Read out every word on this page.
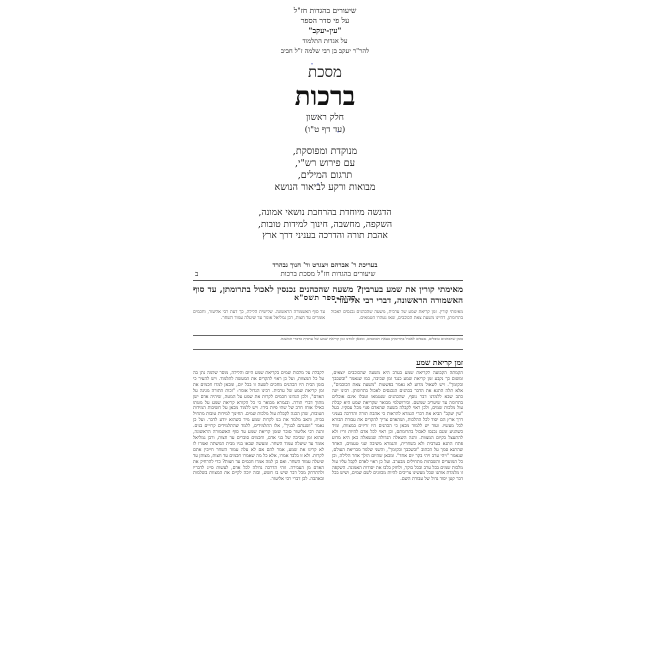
שיעורים בהגדות חז"ל
על פי סדר הספר
"עין-יעקב"
על אגדות התלמוד
להר"ר יעקב בן רבי שלמה ז"ל חביב
מסכת
ברכות
חלק ראשון
(עד דף ט"ו)
מנוקדת ומפוסקת,
עם פירוש רש"י,
תרגום המילים,
מבואות ורקע לביאור הנושא
הדגשה מיוחדת בהרחבת נושאי אמונה,
השקפה, מחשבה, חינוך למידות טובות,
אהבת תורה והדרכה בעניני דרך ארץ
בעריכת ר' אברהם ויצגרט ור' חנוך גבהרד
קרית-ספר תשס"א
שיעורים בהגדות חז"ל מסכת ברכות
ב
מאימתי קורין את שמע בערבין? משעה שהכהנים נכנסין לאכול בתרומתן, עד סוף האשמורה הראשונה, דברי רבי אליעזר.
מאימתי קורין. זמן קריאת שמע של ערבית, משעה שהכהנים נכנסים לאכול בתרומתן, דהיינו משעת צאת הכוכבים, שאז נטהרו הטמאים.
עד סוף האשמורה הראשונה. שלישית הלילה, כך דעת רבי אליעזר, וחכמים אומרים עד חצות, רבן גמליאל אומר עד שיעלה עמוד השחר.
בזמן שהכהנים טובלים, נכנסים לאכול בתרומתן בצאת הכוכבים, ומכאן למדנו זמן קריאת שמע של ערבית כדברי המשנה.
זמן קריאת שמע
הקמתה הקבועה לקריאת שמע בערב היא משעה שהכוכבים יוצאים, ומשום כך נקבע זמן קריאת שמע כנגד זמן שכיבה, כמו שנאמר "ובשכבך ובקומך". ויש לשאול מדוע לא נאמר בפשטות "משעת צאת הכוכבים", אלא תלה התנא את הדבר בכהנים הנכנסים לאכול בתרומתן. רבינו יונה כתב שבא ללמדנו דבר נוסף, שהכהנים שנטמאו וטבלו אינם אוכלים בתרומה עד שיעריב שמשם. ובירושלמי מבואר שקריאת שמע היא קבלת עול מלכות שמים, ולכן ראוי לקבלה בשעה שהאדם פנוי מכל עסקיו. בעל "עין יעקב" הביא את דברי הגמרא להראות כי אהבת תורה והדרכה בעניני דרך ארץ הם יסוד לכל ההלכות, ושהאדם צריך להקדים את עבודת הבורא לכל מעשיו. ועוד יש ללמוד מכאן כי הכהנים היו זריזים במצוות, ומיד כשהגיע זמנם נכנסו לאכול בתרומתם, וכן ראוי לכל אדם להיות זריז ולא להתעצל בקיום המצוות. והנה השאלה הגדולה שנשאלה כאן היא מדוע פתח התנא בערבית ולא בשחרית, והגמרא משיבה שני טעמים, האחד שהתנא סמך על הכתוב "ובשכבך ובקומך", והשני שלמד מבריאת העולם, שנאמר "ויהי ערב ויהי בקר יום אחד". ומכאן שהיום הולך אחר הלילה, וכן כל המועדים והשבתות מתחילים מבערב. ועל כן ראוי לאדם לקבל עליו עול מלכות שמים בכל ערב ובכל בוקר, ולחזק בלבו את יסודות האמונה. השקפה זו מלמדת אותנו שכל מעשינו צריכים להיות מכוונים לשם שמים, ושיש בכל דבר קטן יסוד גדול של עבודת השם.
לקבלת על מלכות שמים בקריאת שמע היום והלילה, מוסר שלמה נתן בה על כל המצוות, ועל כן ראוי להקדים את המעשה לתלמוד. ויש להעיר כי בזמן הבית היו הכהנים מחכים לשעה זו בכל יום, ומכאן למדו חכמים את זמן קריאת שמע של ערבית. רבינו הגדול אומר: "זכות התורה מגינה על האדם", ולכן הנהיגו חכמים לקרות את שמע על המטה, שיהיה אדם ישן מתוך דברי תורה. ובגמרא מבואר כי כל הקורא קריאת שמע על מטתו כאילו אוחז חרב של שתי פיות בידו. ויש ללמוד מכאן על חשיבות המידות הטובות, שהן הכנה לקבלת עול מלכות שמים. החינוך למידות טובות מתחיל בבית, והאב מלמד את בנו לקרות שמע מיד כשהוא יודע לדבר. ועל כן נאמר "ושננתם לבניך", אלו התלמידים, ללמד שהתלמידים קרויים בנים. והנה רבי אליעזר סובר שזמן קריאת שמע עד סוף האשמורה הראשונה, שהוא זמן שכיבה של בני אדם, וחכמים סוברים עד חצות, ורבן גמליאל אומר עד שיעלה עמוד השחר. ומעשה שבאו בניו מבית המשתה ואמרו לו לא קרינו את שמע, אמר להם אם לא עלה עמוד השחר חייבין אתם לקרות. ולא זו בלבד אמרו, אלא כל מה שאמרו חכמים עד חצות, מצותן עד שיעלה עמוד השחר. ואם כן למה אמרו חכמים עד חצות? כדי להרחיק את האדם מן העבירה. זוהי הדרכה גדולה לכל אדם, לעשות סייג לדבריו ולהתרחק מכל דבר שיש בו חשש, ובזה יזכה לקיים את המצוות בשלמות ובאהבה. לכן דברי רבי אליעזר.
